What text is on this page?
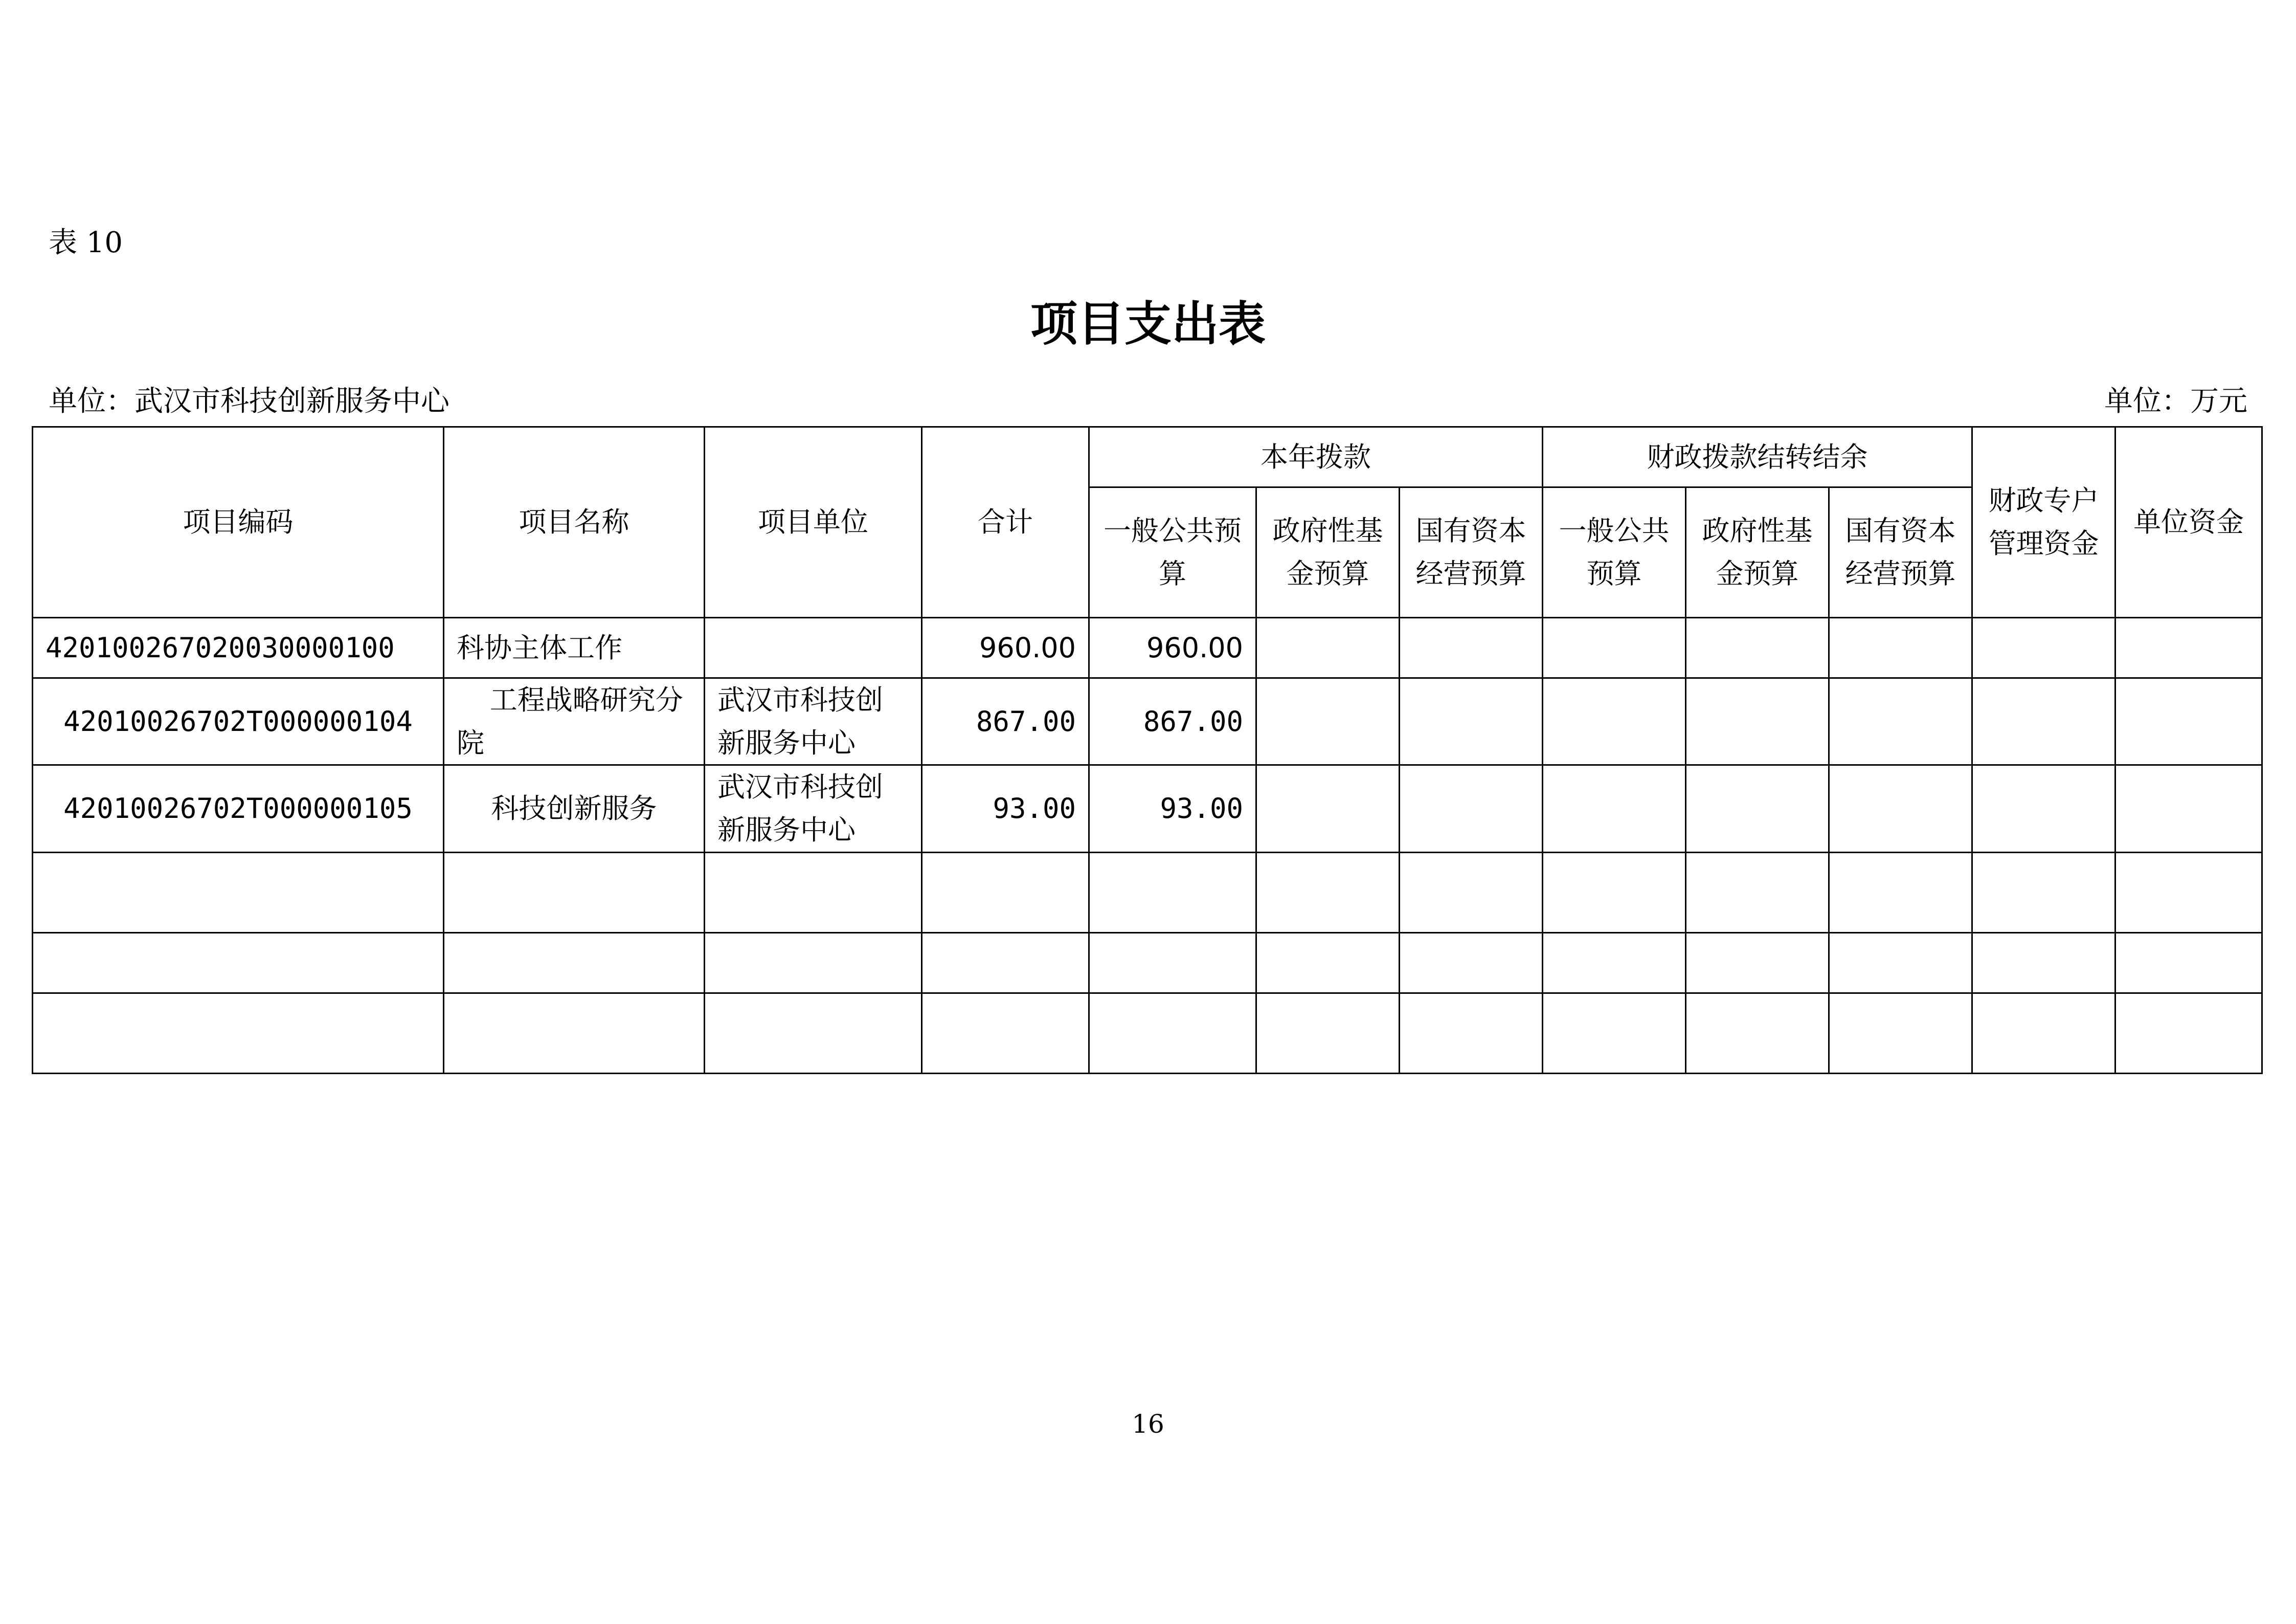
表 10
项目支出表
单位：武汉市科技创新服务中心	单位：万元
项目编码	项目名称	项目单位	合计	本年拨款			财政拨款结转结余			财政专户管理资金	单位资金
				一般公共预算	政府性基金预算	国有资本经营预算	一般公共预算	政府性基金预算	国有资本经营预算		
420100267020030000100	科协主体工作		960.00	960.00							
42010026702T000000104	工程战略研究分院	武汉市科技创新服务中心	867.00	867.00							
42010026702T000000105	科技创新服务	武汉市科技创新服务中心	93.00	93.00							

16
